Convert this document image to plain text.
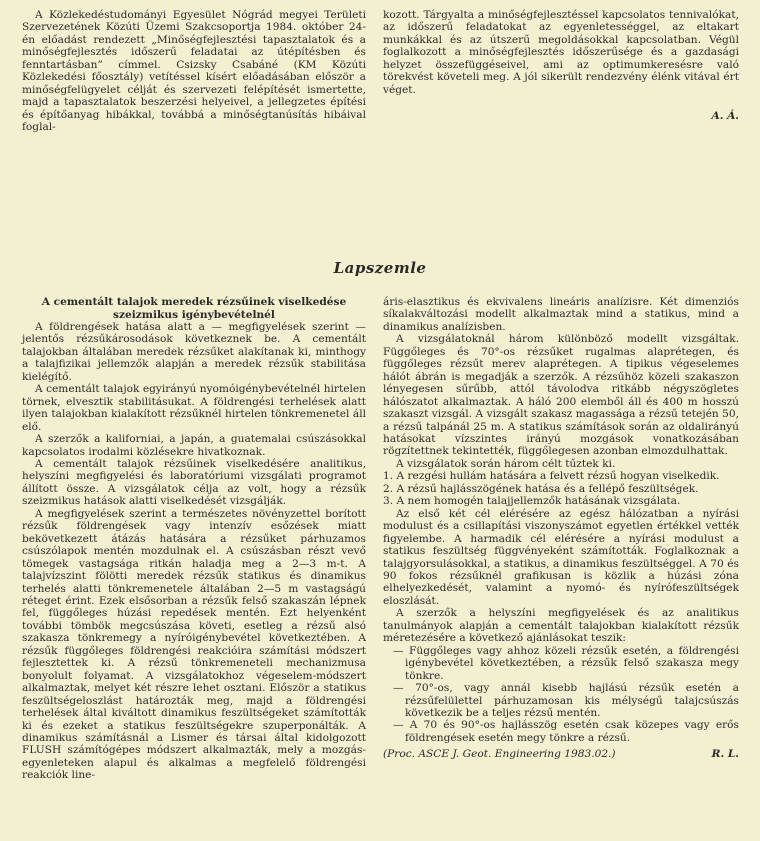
A Közlekedéstudományi Egyesület Nógrád megyei Területi Szervezetének Közúti Üzemi Szakcsoportja 1984. október 24-én előadást rendezett „Minőségfejlesztési tapasztalatok és a minőségfejlesztés időszerű feladatai az útépítésben és fenntartásban” címmel. Csizsky Csabáné (KM Közúti Közlekedési főosztály) vetítéssel kísért előadásában először a minőségfelügyelet célját és szervezeti felépítését ismertette, majd a tapasztalatok beszerzési helyeivel, a jellegzetes építési és építőanyag hibákkal, továbbá a minőségtanúsítás hibáival foglal-

kozott. Tárgyalta a minőségfejlesztéssel kapcsolatos tennivalókat, az időszerű feladatokat az egyenletességgel, az eltakart munkákkal és az útszerű megoldásokkal kapcsolatban. Végül foglalkozott a minőségfejlesztés időszerűsége és a gazdasági helyzet összefüggéseivel, ami az optimumkeresésre való törekvést követeli meg. A jól sikerült rendezvény élénk vitával ért véget.

A. Á.

Lapszemle

A cementált talajok meredek rézsűinek viselkedése szeizmikus igénybevételnél

A földrengések hatása alatt a — megfigyelések szerint — jelentős rézsűkárosodások következnek be. A cementált talajokban általában meredek rézsűket alakítanak ki, minthogy a talajfizikai jellemzők alapján a meredek rézsűk stabilitása kielégítő.

A cementált talajok egyirányú nyomóigénybevételnél hirtelen törnek, elvesztik stabilitásukat. A földrengési terhelések alatt ilyen talajokban kialakított rézsűknél hirtelen tönkremenetel áll elő.

A szerzők a kaliforniai, a japán, a guatemalai csúszásokkal kapcsolatos irodalmi közlésekre hivatkoznak.

A cementált talajok rézsűinek viselkedésére analitikus, helyszíni megfigyelési és laboratóriumi vizsgálati programot állított össze. A vizsgálatok célja az volt, hogy a rézsűk szeizmikus hatások alatti viselkedését vizsgálják.

A megfigyelések szerint a természetes növényzettel borított rézsűk földrengések vagy intenzív esőzések miatt bekövetkezett átázás hatására a rézsűket párhuzamos csúszólapok mentén mozdulnak el. A csúszásban részt vevő tömegek vastagsága ritkán haladja meg a 2—3 m-t. A talajvízszint fölötti meredek rézsűk statikus és dinamikus terhelés alatti tönkremenetele általában 2—5 m vastagságú réteget érint. Ezek elsősorban a rézsűk felső szakaszán lépnek fel, függőleges húzási repedések mentén. Ezt helyenként további tömbök megcsúszása követi, esetleg a rézsű alsó szakasza tönkremegy a nyíróigénybevétel következtében. A rézsűk függőleges földrengési reakcióira számítási módszert fejlesztettek ki. A rézsű tönkremeneteli mechanizmusa bonyolult folyamat. A vizsgálatokhoz végeselem-módszert alkalmaztak, melyet két részre lehet osztani. Először a statikus feszültségeloszlást határozták meg, majd a földrengési terhelések által kiváltott dinamikus feszültségeket számították ki és ezeket a statikus feszültségekre szuperponálták. A dinamikus számításnál a Lismer és társai által kidolgozott FLUSH számítógépes módszert alkalmazták, mely a mozgás-egyenleteken alapul és alkalmas a megfelelő földrengési reakciók line-

áris-elasztikus és ekvivalens lineáris analízisre. Két dimenziós síkalakváltozási modellt alkalmaztak mind a statikus, mind a dinamikus analízisben.

A vizsgálatoknál három különböző modellt vizsgáltak. Függőleges és 70°-os rézsűket rugalmas alaprétegen, és függőleges rézsűt merev alaprétegen. A tipikus végeselemes hálót ábrán is megadják a szerzők. A rézsűhöz közeli szakaszon lényegesen sűrűbb, attól távolodva ritkább négyszögletes hálószatot alkalmaztak. A háló 200 elemből áll és 400 m hosszú szakaszt vizsgál. A vizsgált szakasz magassága a rézsű tetején 50, a rézsű talpánál 25 m. A statikus számítások során az oldalirányú hatásokat vízszintes irányú mozgások vonatkozásában rögzítettnek tekintették, függőlegesen azonban elmozdulhattak.

A vizsgálatok során három célt tűztek ki.

1. A rezgési hullám hatására a felvett rézsű hogyan viselkedik.
2. A rézsű hajlásszögének hatása és a fellépő feszültségek.
3. A nem homogén talajjellemzők hatásának vizsgálata.

Az első két cél elérésére az egész hálózatban a nyírási modulust és a csillapítási viszonyszámot egyetlen értékkel vették figyelembe. A harmadik cél elérésére a nyírási modulust a statikus feszültség függvényeként számították. Foglalkoznak a talajgyorsulásokkal, a statikus, a dinamikus feszültséggel. A 70 és 90 fokos rézsűknél grafikusan is közlik a húzási zóna elhelyezkedését, valamint a nyomó- és nyírófeszültségek eloszlását.

A szerzők a helyszíni megfigyelések és az analitikus tanulmányok alapján a cementált talajokban kialakított rézsűk méretezésére a következő ajánlásokat teszik:

— Függőleges vagy ahhoz közeli rézsűk esetén, a földrengési igénybevétel következtében, a rézsűk felső szakasza megy tönkre.
— 70°-os, vagy annál kisebb hajlású rézsűk esetén a rézsűfelülettel párhuzamosan kis mélységű talajcsúszás következik be a teljes rézsű mentén.
— A 70 és 90°-os hajlásszög esetén csak közepes vagy erős földrengések esetén megy tönkre a rézsű.

(Proc. ASCE J. Geot. Engineering 1983.02.)	R. L.
